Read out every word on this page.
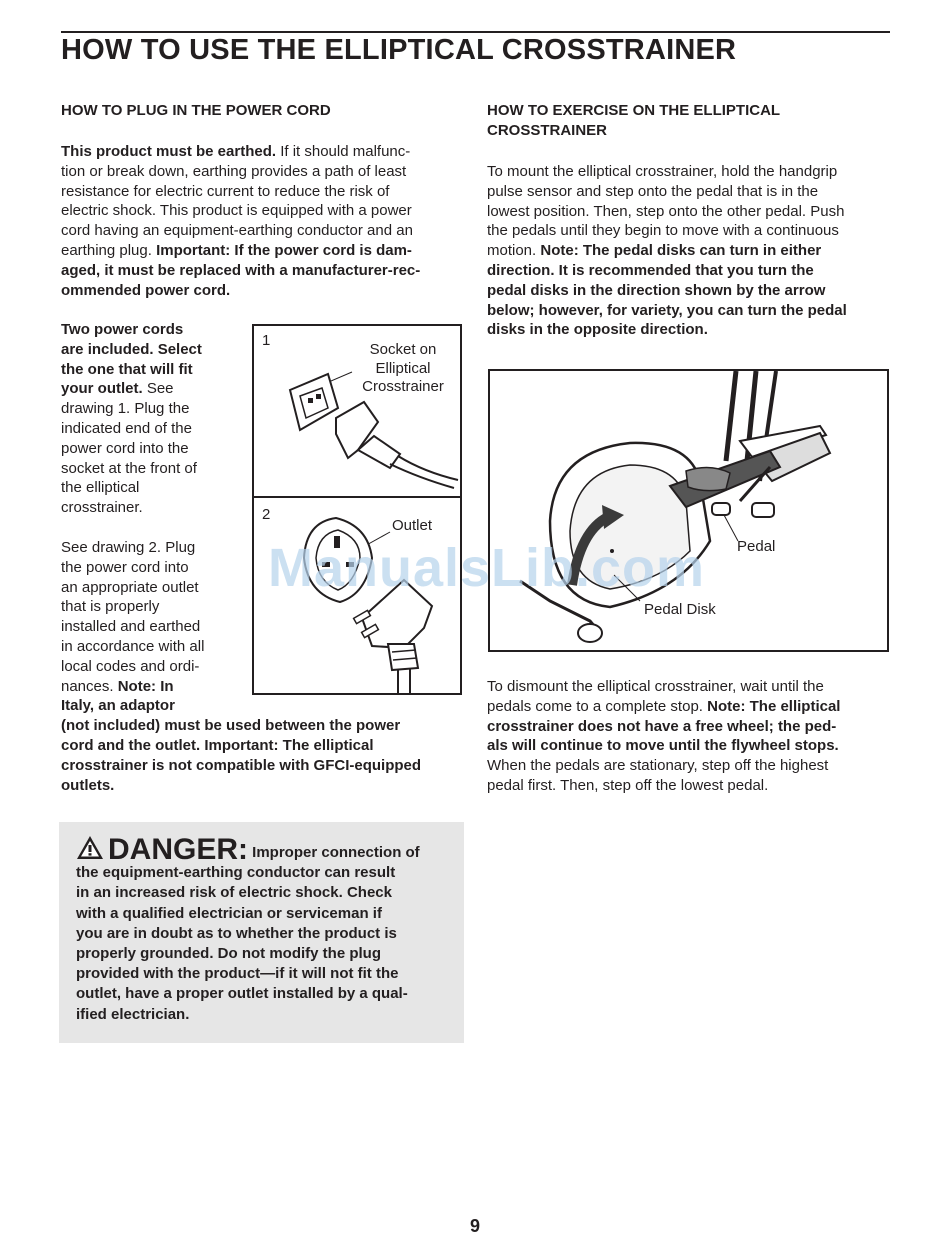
HOW TO USE THE ELLIPTICAL CROSSTRAINER
HOW TO PLUG IN THE POWER CORD

This product must be earthed. If it should malfunc-
tion or break down, earthing provides a path of least
resistance for electric current to reduce the risk of
electric shock. This product is equipped with a power
cord having an equipment-earthing conductor and an
earthing plug. Important: If the power cord is dam-
aged, it must be replaced with a manufacturer-rec-
ommended power cord.

Two power cords
are included. Select
the one that will fit
your outlet. See
drawing 1. Plug the
indicated end of the
power cord into the
socket at the front of
the elliptical
crosstrainer.

See drawing 2. Plug
the power cord into
an appropriate outlet
that is properly
installed and earthed
in accordance with all
local codes and ordi-
nances. Note: In
Italy, an adaptor
(not included) must be used between the power
cord and the outlet. Important: The elliptical
crosstrainer is not compatible with GFCI-equipped
outlets.

1
Socket on
Elliptical
Crosstrainer
2
Outlet

DANGER: Improper connection of
the equipment-earthing conductor can result
in an increased risk of electric shock. Check
with a qualified electrician or serviceman if
you are in doubt as to whether the product is
properly grounded. Do not modify the plug
provided with the product—if it will not fit the
outlet, have a proper outlet installed by a qual-
ified electrician.

HOW TO EXERCISE ON THE ELLIPTICAL
CROSSTRAINER

To mount the elliptical crosstrainer, hold the handgrip
pulse sensor and step onto the pedal that is in the
lowest position. Then, step onto the other pedal. Push
the pedals until they begin to move with a continuous
motion. Note: The pedal disks can turn in either
direction. It is recommended that you turn the
pedal disks in the direction shown by the arrow
below; however, for variety, you can turn the pedal
disks in the opposite direction.

Pedal
Pedal Disk

To dismount the elliptical crosstrainer, wait until the
pedals come to a complete stop. Note: The elliptical
crosstrainer does not have a free wheel; the ped-
als will continue to move until the flywheel stops.
When the pedals are stationary, step off the highest
pedal first. Then, step off the lowest pedal.

ManualsLib.com
9
